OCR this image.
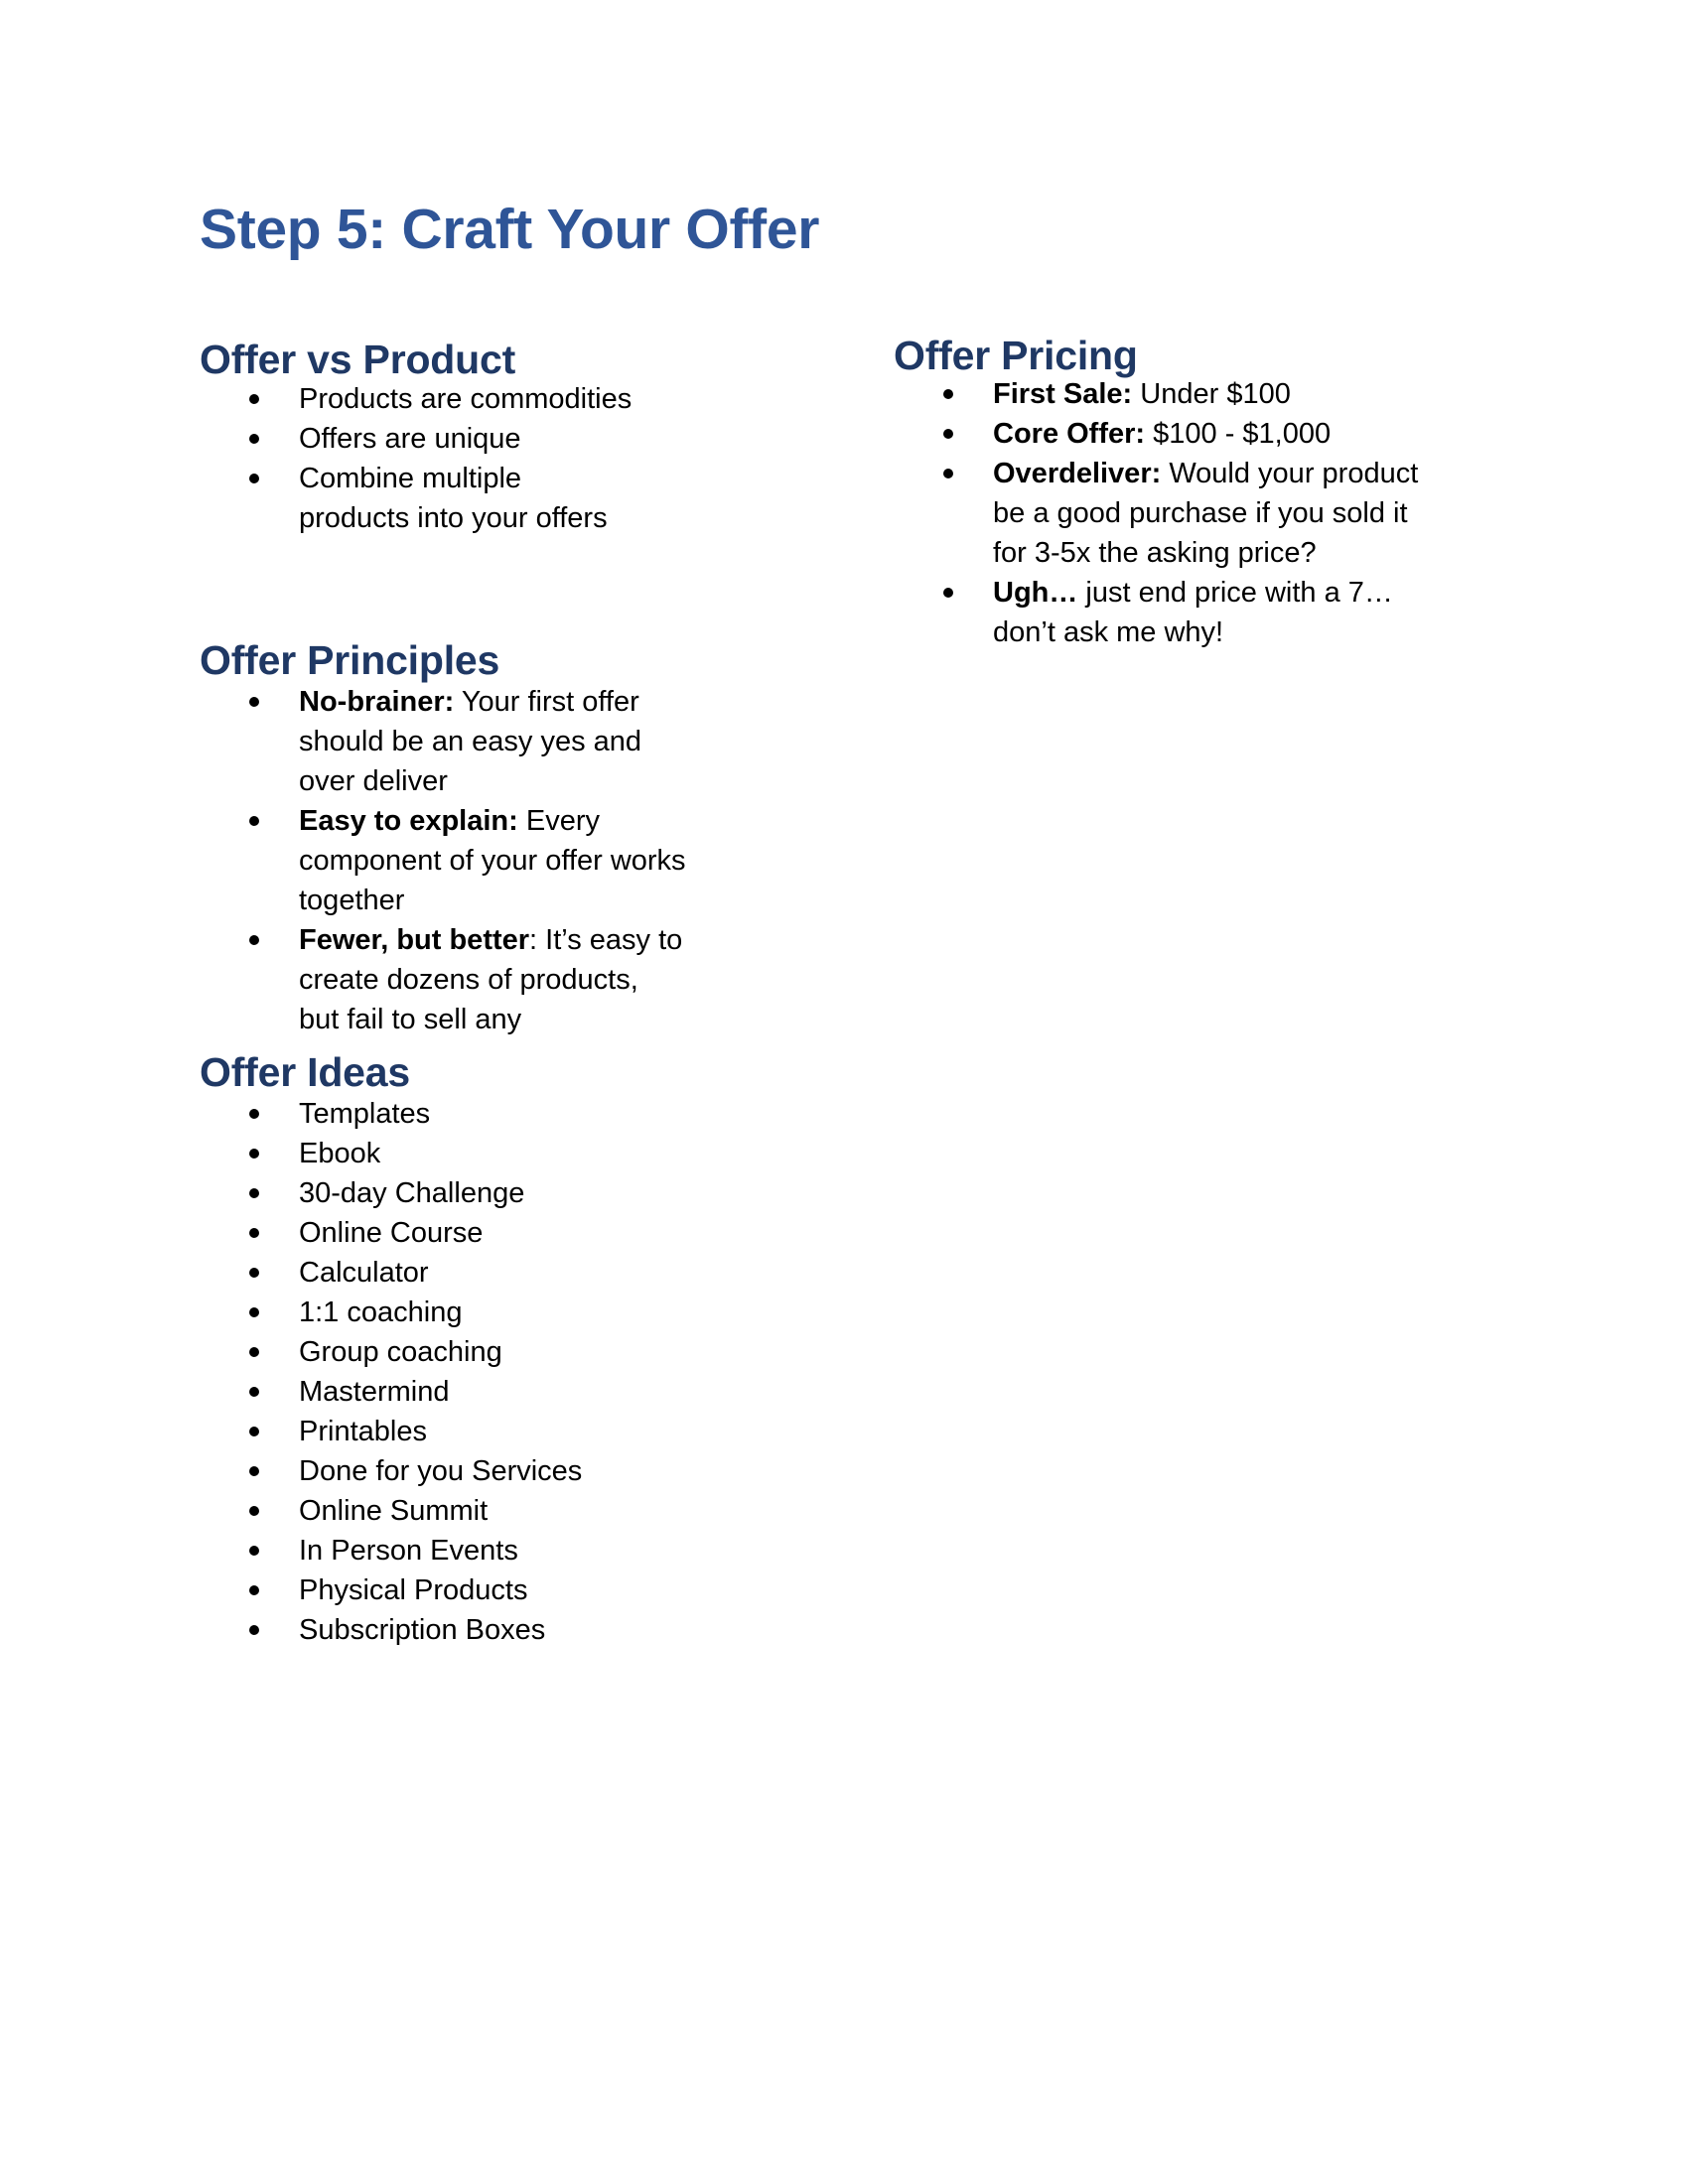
Step 5: Craft Your Offer
Offer vs Product
Products are commodities
Offers are unique
Combine multiple products into your offers
Offer Principles
No-brainer: Your first offer should be an easy yes and over deliver
Easy to explain: Every component of your offer works together
Fewer, but better: It’s easy to create dozens of products, but fail to sell any
Offer Ideas
Templates
Ebook
30-day Challenge
Online Course
Calculator
1:1 coaching
Group coaching
Mastermind
Printables
Done for you Services
Online Summit
In Person Events
Physical Products
Subscription Boxes
Offer Pricing
First Sale: Under $100
Core Offer: $100 - $1,000
Overdeliver: Would your product be a good purchase if you sold it for 3-5x the asking price?
Ugh… just end price with a 7… don’t ask me why!
